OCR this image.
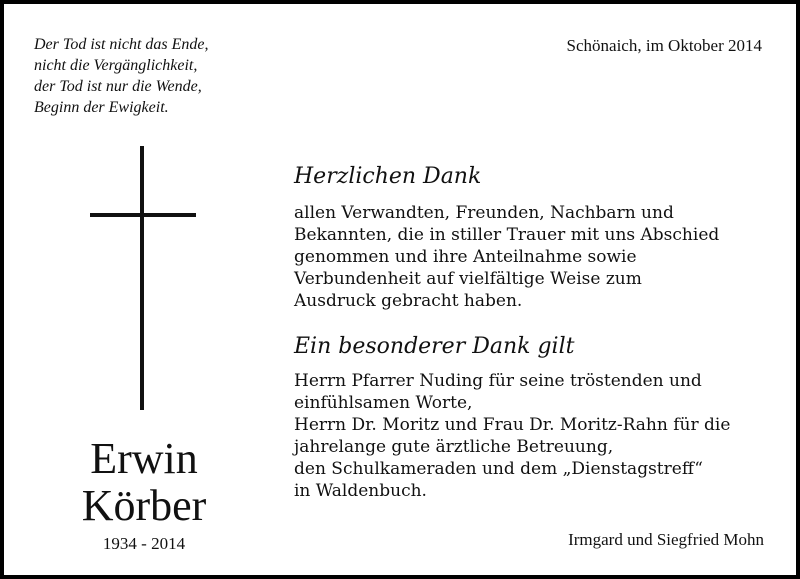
Der Tod ist nicht das Ende,
nicht die Vergänglichkeit,
der Tod ist nur die Wende,
Beginn der Ewigkeit.
Schönaich, im Oktober 2014
Erwin
Körber
1934 - 2014
Herzlichen Dank
allen Verwandten, Freunden, Nachbarn und
Bekannten, die in stiller Trauer mit uns Abschied
genommen und ihre Anteilnahme sowie
Verbundenheit auf vielfältige Weise zum
Ausdruck gebracht haben.
Ein besonderer Dank gilt
Herrn Pfarrer Nuding für seine tröstenden und
einfühlsamen Worte,
Herrn Dr. Moritz und Frau Dr. Moritz-Rahn für die
jahrelange gute ärztliche Betreuung,
den Schulkameraden und dem „Dienstagstreff“
in Waldenbuch.
Irmgard und Siegfried Mohn
